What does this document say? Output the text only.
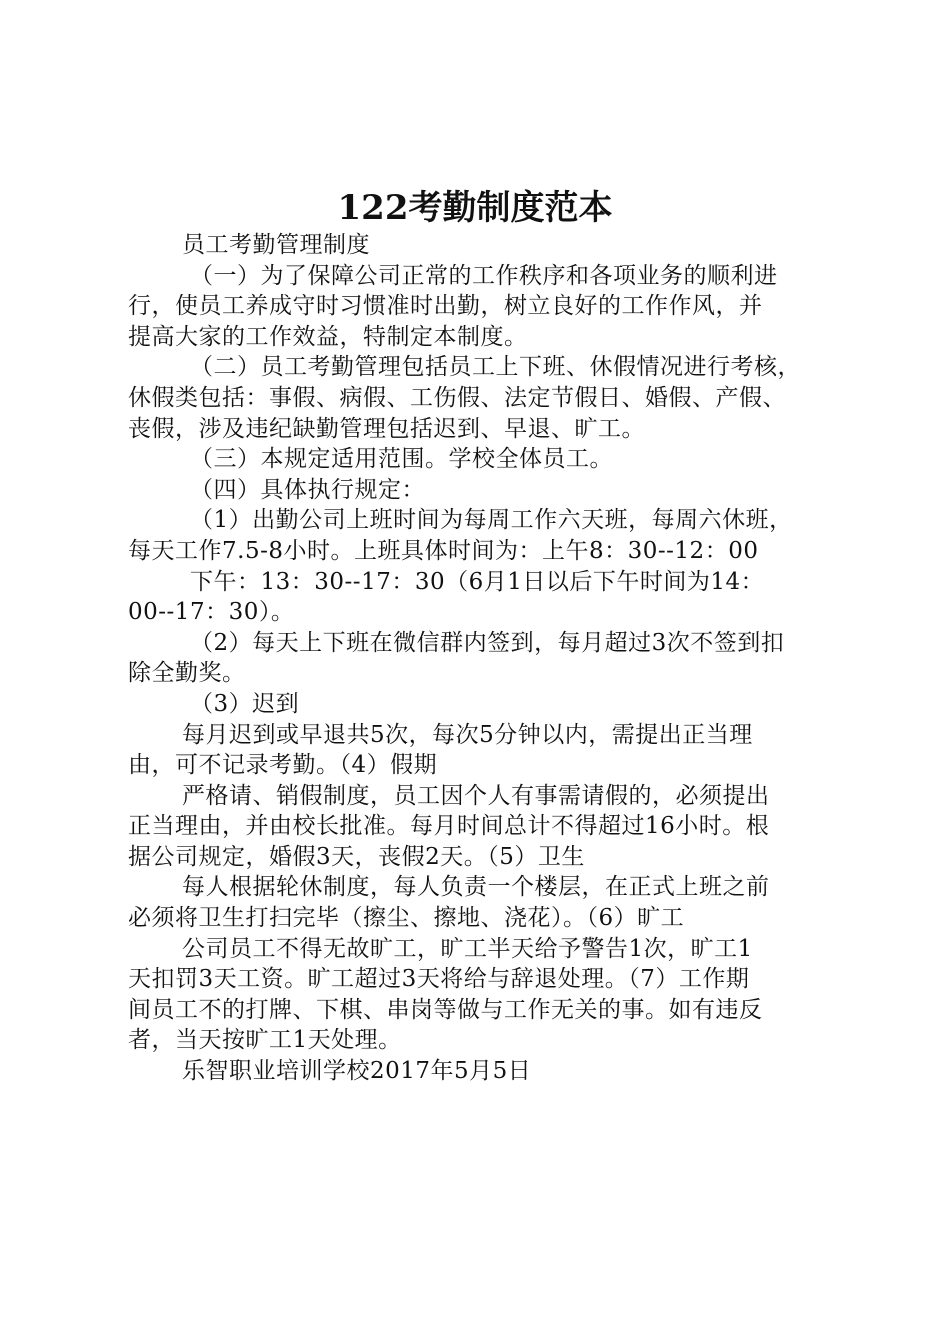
122考勤制度范本
员工考勤管理制度
（一）为了保障公司正常的工作秩序和各项业务的顺利进
行，使员工养成守时习惯准时出勤，树立良好的工作作风，并
提高大家的工作效益，特制定本制度。
（二）员工考勤管理包括员工上下班、休假情况进行考核，
休假类包括：事假、病假、工伤假、法定节假日、婚假、产假、
丧假，涉及违纪缺勤管理包括迟到、早退、旷工。
（三）本规定适用范围。学校全体员工。
（四）具体执行规定：
（1）出勤公司上班时间为每周工作六天班，每周六休班，
每天工作7.5-8小时。上班具体时间为：上午8：30--12：00
下午：13：30--17：30（6月1日以后下午时间为14：
00--17：30）。
（2）每天上下班在微信群内签到，每月超过3次不签到扣
除全勤奖。
（3）迟到
每月迟到或早退共5次，每次5分钟以内，需提出正当理
由，可不记录考勤。（4）假期
严格请、销假制度，员工因个人有事需请假的，必须提出
正当理由，并由校长批准。每月时间总计不得超过16小时。根
据公司规定，婚假3天，丧假2天。（5）卫生
每人根据轮休制度，每人负责一个楼层，在正式上班之前
必须将卫生打扫完毕（擦尘、擦地、浇花）。（6）旷工
公司员工不得无故旷工，旷工半天给予警告1次，旷工1
天扣罚3天工资。旷工超过3天将给与辞退处理。（7）工作期
间员工不的打牌、下棋、串岗等做与工作无关的事。如有违反
者，当天按旷工1天处理。
乐智职业培训学校2017年5月5日
